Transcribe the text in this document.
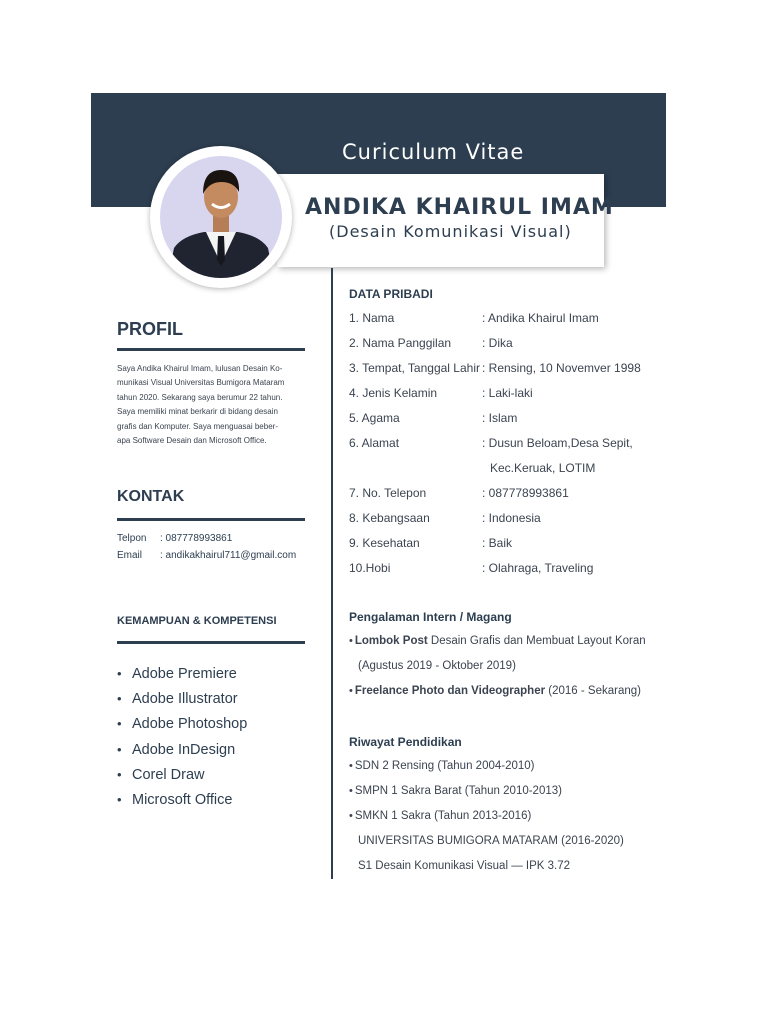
Curiculum Vitae
ANDIKA KHAIRUL IMAM
(Desain Komunikasi Visual)
PROFIL
Saya Andika Khairul Imam, lulusan Desain Ko-
munikasi Visual Universitas Bumigora Mataram
tahun 2020. Sekarang saya berumur 22 tahun.
Saya memiliki minat berkarir di bidang desain
grafis dan Komputer. Saya menguasai beber-
apa Software Desain dan Microsoft Office.
KONTAK
Telpon : 087778993861
Email : andikakhairul711@gmail.com
KEMAMPUAN & KOMPETENSI
• Adobe Premiere
• Adobe Illustrator
• Adobe Photoshop
• Adobe InDesign
• Corel Draw
• Microsoft Office
DATA PRIBADI
1. Nama	: Andika Khairul Imam
2. Nama Panggilan	: Dika
3. Tempat, Tanggal Lahir : Rensing, 10 Novemver 1998
4. Jenis Kelamin	: Laki-laki
5. Agama	: Islam
6. Alamat	: Dusun Beloam,Desa Sepit,
Kec.Keruak, LOTIM
7. No. Telepon	: 087778993861
8. Kebangsaan	: Indonesia
9. Kesehatan	: Baik
10.Hobi	: Olahraga, Traveling
Pengalaman Intern / Magang
• Lombok Post Desain Grafis dan Membuat Layout Koran
(Agustus 2019 - Oktober 2019)
• Freelance Photo dan Videographer (2016 - Sekarang)
Riwayat Pendidikan
• SDN 2 Rensing (Tahun 2004-2010)
• SMPN 1 Sakra Barat (Tahun 2010-2013)
• SMKN 1 Sakra (Tahun 2013-2016)
UNIVERSITAS BUMIGORA MATARAM (2016-2020)
S1 Desain Komunikasi Visual — IPK 3.72
